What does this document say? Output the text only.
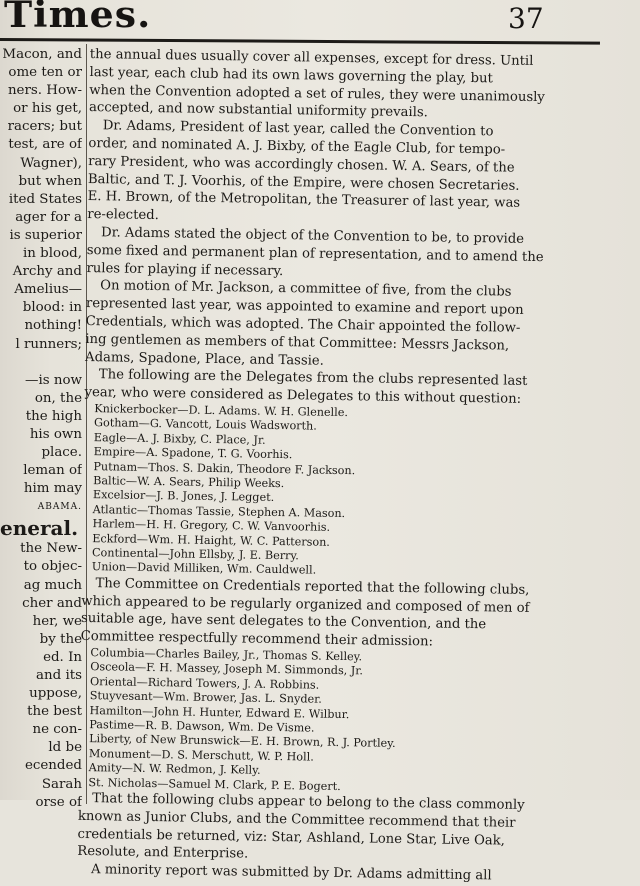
Times.	37
Macon, and
ome ten or
ners. How-
or his get,
racers; but
test, are of
Wagner),
but when
ited States
ager for a
is superior
in blood,
Archy and
Amelius—
blood: in
nothing!
l runners;
—is now
on, the
the high
his own
place.
leman of
him may
ABAMA.
eneral.
the New-
to objec-
ag much
cher and
her, we
by the
ed. In
and its
uppose,
the best
ne con-
ld be
ecended
Sarah
orse of
the annual dues usually cover all expenses, except for dress. Until
last year, each club had its own laws governing the play, but
when the Convention adopted a set of rules, they were unanimously
accepted, and now substantial uniformity prevails.
Dr. Adams, President of last year, called the Convention to
order, and nominated A. J. Bixby, of the Eagle Club, for tempo-
rary President, who was accordingly chosen. W. A. Sears, of the
Baltic, and T. J. Voorhis, of the Empire, were chosen Secretaries.
E. H. Brown, of the Metropolitan, the Treasurer of last year, was
re-elected.
Dr. Adams stated the object of the Convention to be, to provide
some fixed and permanent plan of representation, and to amend the
rules for playing if necessary.
On motion of Mr. Jackson, a committee of five, from the clubs
represented last year, was appointed to examine and report upon
Credentials, which was adopted. The Chair appointed the follow-
ing gentlemen as members of that Committee: Messrs Jackson,
Adams, Spadone, Place, and Tassie.
The following are the Delegates from the clubs represented last
year, who were considered as Delegates to this without question:
Knickerbocker—D. L. Adams. W. H. Glenelle.
Gotham—G. Vancott, Louis Wadsworth.
Eagle—A. J. Bixby, C. Place, Jr.
Empire—A. Spadone, T. G. Voorhis.
Putnam—Thos. S. Dakin, Theodore F. Jackson.
Baltic—W. A. Sears, Philip Weeks.
Excelsior—J. B. Jones, J. Legget.
Atlantic—Thomas Tassie, Stephen A. Mason.
Harlem—H. H. Gregory, C. W. Vanvoorhis.
Eckford—Wm. H. Haight, W. C. Patterson.
Continental—John Ellsby, J. E. Berry.
Union—David Milliken, Wm. Cauldwell.
The Committee on Credentials reported that the following clubs,
which appeared to be regularly organized and composed of men of
suitable age, have sent delegates to the Convention, and the
Committee respectfully recommend their admission:
Columbia—Charles Bailey, Jr., Thomas S. Kelley.
Osceola—F. H. Massey, Joseph M. Simmonds, Jr.
Oriental—Richard Towers, J. A. Robbins.
Stuyvesant—Wm. Brower, Jas. L. Snyder.
Hamilton—John H. Hunter, Edward E. Wilbur.
Pastime—R. B. Dawson, Wm. De Visme.
Liberty, of New Brunswick—E. H. Brown, R. J. Portley.
Monument—D. S. Merschutt, W. P. Holl.
Amity—N. W. Redmon, J. Kelly.
St. Nicholas—Samuel M. Clark, P. E. Bogert.
That the following clubs appear to belong to the class commonly
known as Junior Clubs, and the Committee recommend that their
credentials be returned, viz: Star, Ashland, Lone Star, Live Oak,
Resolute, and Enterprise.
A minority report was submitted by Dr. Adams admitting all
